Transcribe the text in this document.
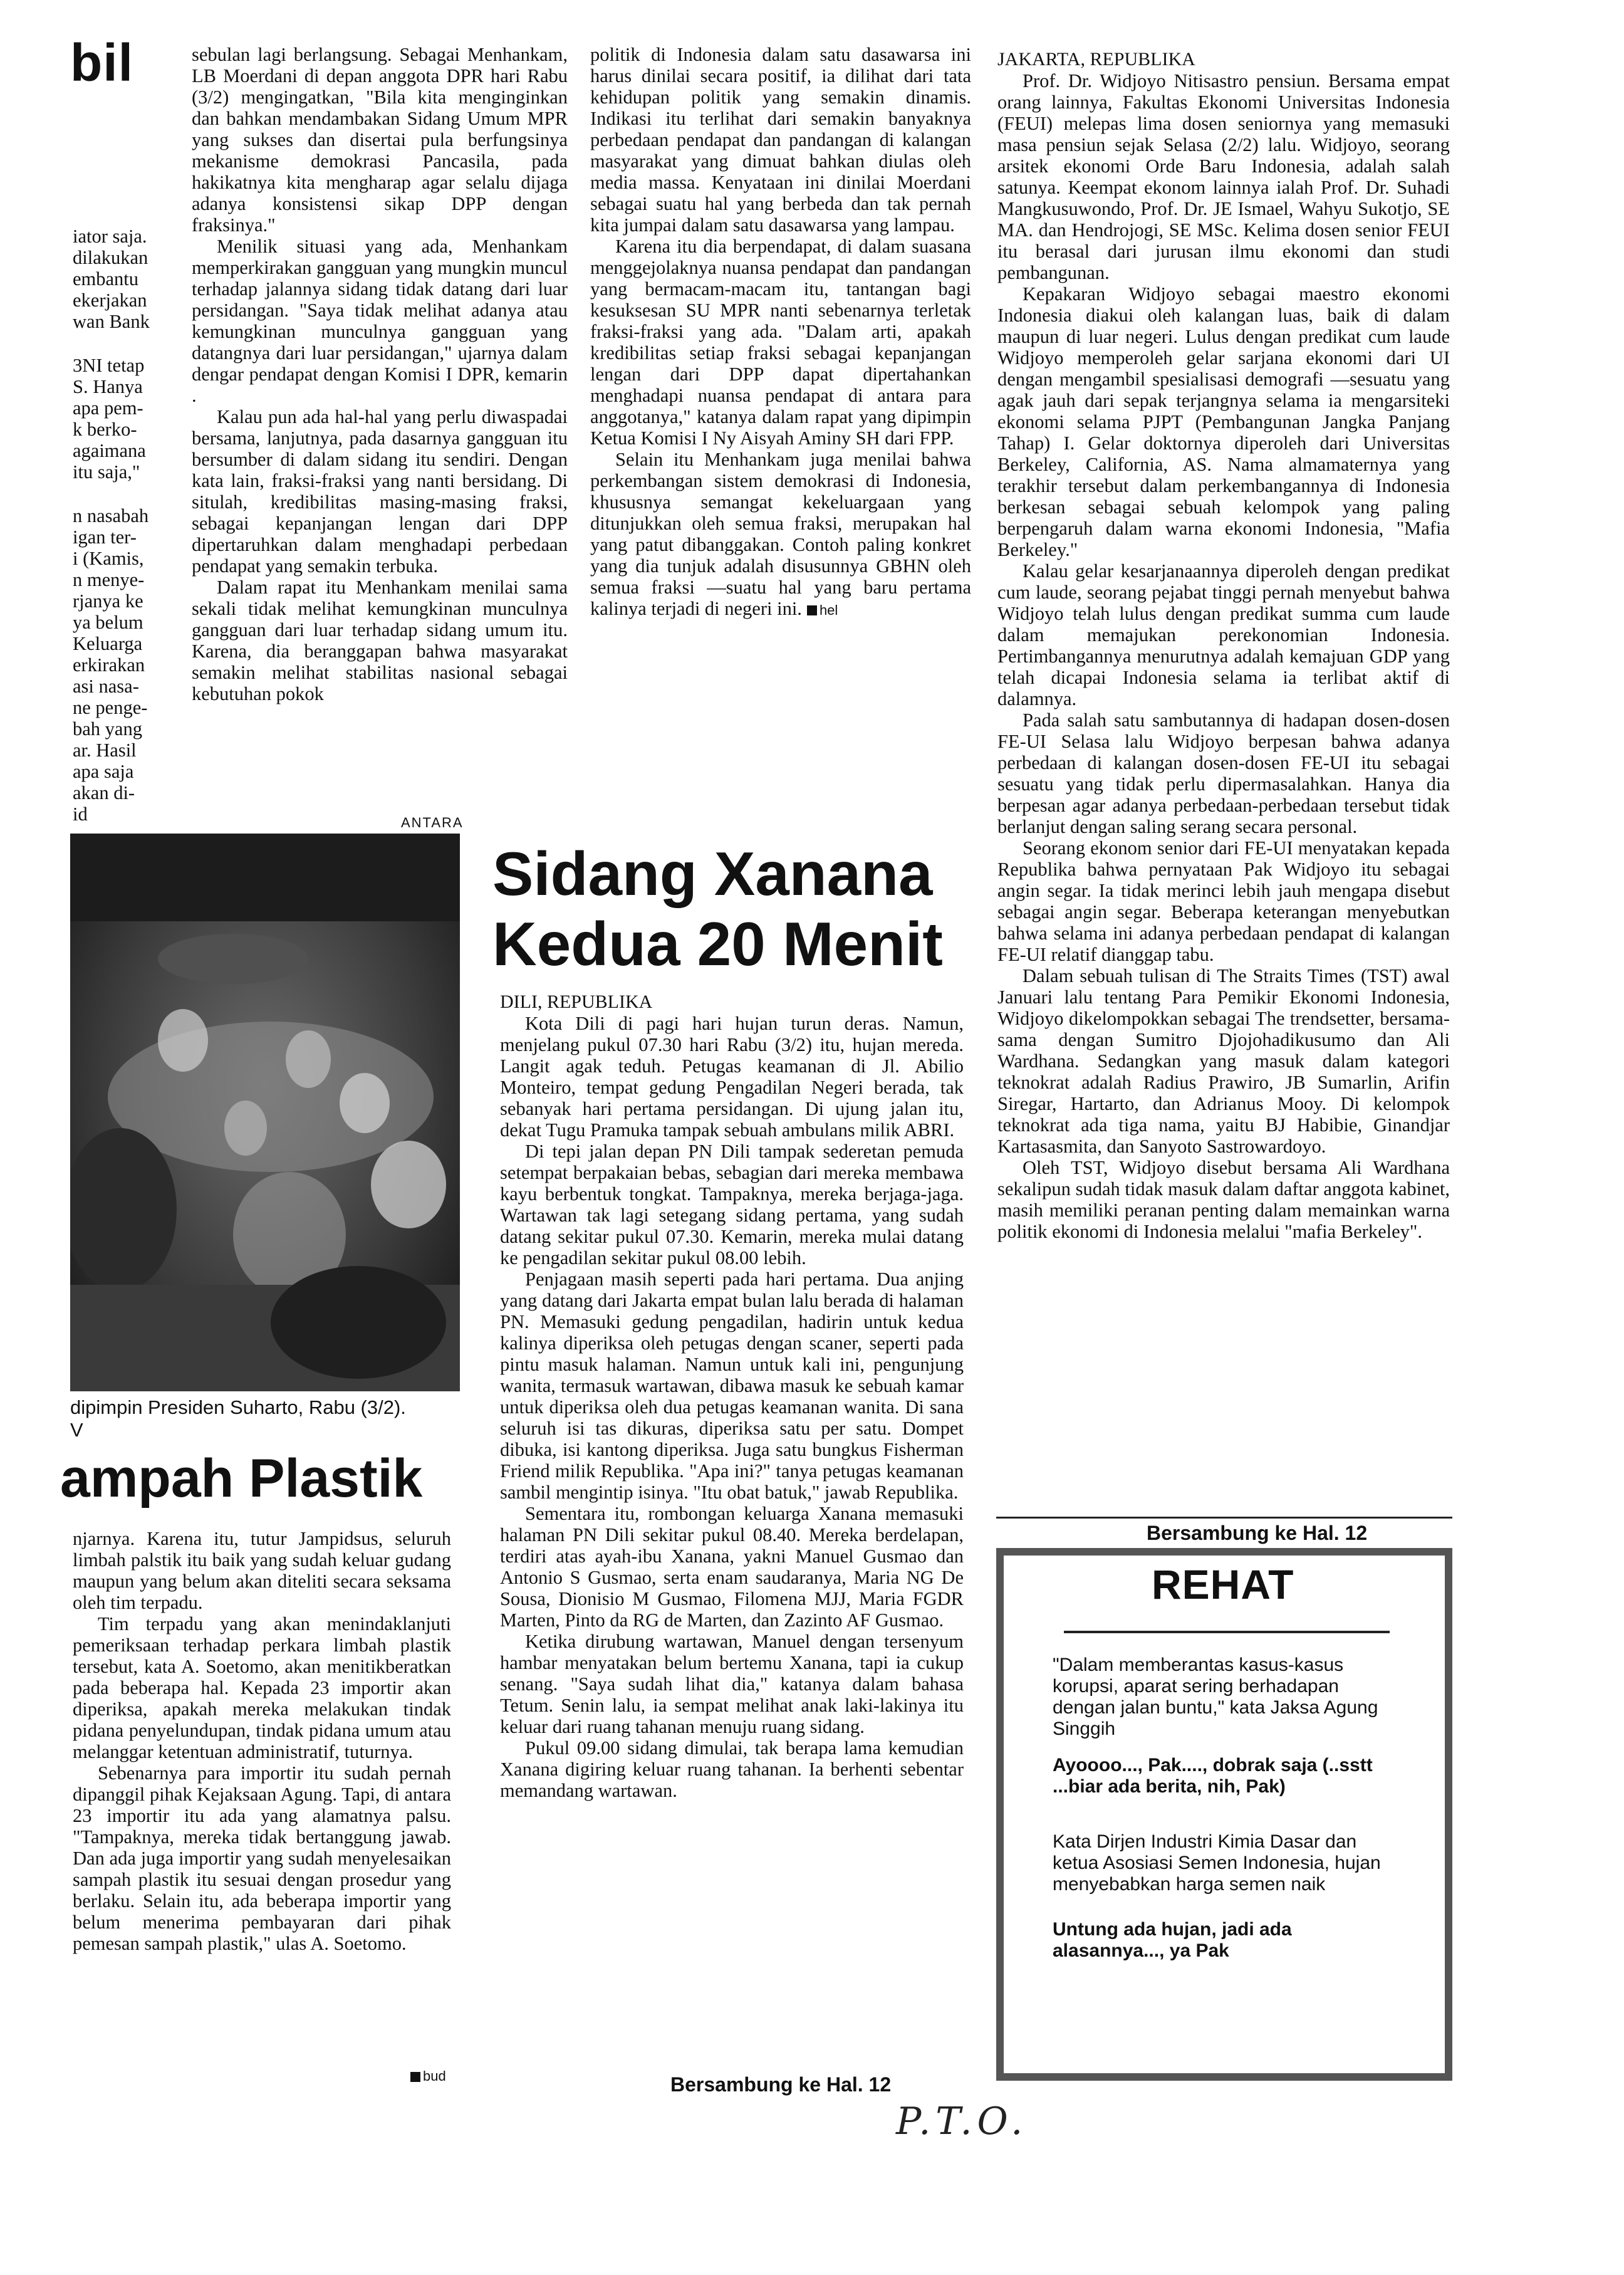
bil
iator saja.
dilakukan
embantu
ekerjakan
wan Bank
3NI tetap
S. Hanya
apa pem-
k berko-
agaimana
itu saja,"
n nasabah
igan ter-
i (Kamis,
n menye-
rjanya ke
ya belum
Keluarga
erkirakan
asi nasa-
ne penge-
bah yang
ar. Hasil
apa saja
akan di-
id

sebulan lagi berlangsung. Sebagai Menhankam, LB Moerdani di depan anggota DPR hari Rabu (3/2) mengingatkan, "Bila kita menginginkan dan bahkan mendambakan Sidang Umum MPR yang sukses dan disertai pula berfungsinya mekanisme demokrasi Pancasila, pada hakikatnya kita mengharap agar selalu dijaga adanya konsistensi sikap DPP dengan fraksinya."

Menilik situasi yang ada, Menhankam memperkirakan gangguan yang mungkin muncul terhadap jalannya sidang tidak datang dari luar persidangan. "Saya tidak melihat adanya atau kemungkinan munculnya gangguan yang datangnya dari luar persidangan," ujarnya dalam dengar pendapat dengan Komisi I DPR, kemarin .

Kalau pun ada hal-hal yang perlu diwaspadai bersama, lanjutnya, pada dasarnya gangguan itu bersumber di dalam sidang itu sendiri. Dengan kata lain, fraksi-fraksi yang nanti bersidang. Di situlah, kredibilitas masing-masing fraksi, sebagai kepanjangan lengan dari DPP dipertaruhkan dalam menghadapi perbedaan pendapat yang semakin terbuka.

Dalam rapat itu Menhankam menilai sama sekali tidak melihat kemungkinan munculnya gangguan dari luar terhadap sidang umum itu. Karena, dia beranggapan bahwa masyarakat semakin melihat stabilitas nasional sebagai kebutuhan pokok

politik di Indonesia dalam satu dasawarsa ini harus dinilai secara positif, ia dilihat dari tata kehidupan politik yang semakin dinamis. Indikasi itu terlihat dari semakin banyaknya perbedaan pendapat dan pandangan di kalangan masyarakat yang dimuat bahkan diulas oleh media massa. Kenyataan ini dinilai Moerdani sebagai suatu hal yang berbeda dan tak pernah kita jumpai dalam satu dasawarsa yang lampau.

Karena itu dia berpendapat, di dalam suasana menggejolaknya nuansa pendapat dan pandangan yang bermacam-macam itu, tantangan bagi kesuksesan SU MPR nanti sebenarnya terletak fraksi-fraksi yang ada. "Dalam arti, apakah kredibilitas setiap fraksi sebagai kepanjangan lengan dari DPP dapat dipertahankan menghadapi nuansa pendapat di antara para anggotanya," katanya dalam rapat yang dipimpin Ketua Komisi I Ny Aisyah Aminy SH dari FPP.

Selain itu Menhankam juga menilai bahwa perkembangan sistem demokrasi di Indonesia, khususnya semangat kekeluargaan yang ditunjukkan oleh semua fraksi, merupakan hal yang patut dibanggakan. Contoh paling konkret yang dia tunjuk adalah disusunnya GBHN oleh semua fraksi —suatu hal yang baru pertama kalinya terjadi di negeri ini. hel

JAKARTA, REPUBLIKA

Prof. Dr. Widjoyo Nitisastro pensiun. Bersama empat orang lainnya, Fakultas Ekonomi Universitas Indonesia (FEUI) melepas lima dosen seniornya yang memasuki masa pensiun sejak Selasa (2/2) lalu. Widjoyo, seorang arsitek ekonomi Orde Baru Indonesia, adalah salah satunya. Keempat ekonom lainnya ialah Prof. Dr. Suhadi Mangkusuwondo, Prof. Dr. JE Ismael, Wahyu Sukotjo, SE MA. dan Hendrojogi, SE MSc. Kelima dosen senior FEUI itu berasal dari jurusan ilmu ekonomi dan studi pembangunan.

Kepakaran Widjoyo sebagai maestro ekonomi Indonesia diakui oleh kalangan luas, baik di dalam maupun di luar negeri. Lulus dengan predikat cum laude Widjoyo memperoleh gelar sarjana ekonomi dari UI dengan mengambil spesialisasi demografi —sesuatu yang agak jauh dari sepak terjangnya selama ia mengarsiteki ekonomi selama PJPT (Pembangunan Jangka Panjang Tahap) I. Gelar doktornya diperoleh dari Universitas Berkeley, California, AS. Nama almamaternya yang terakhir tersebut dalam perkembangannya di Indonesia berkesan sebagai sebuah kelompok yang paling berpengaruh dalam warna ekonomi Indonesia, "Mafia Berkeley."

Kalau gelar kesarjanaannya diperoleh dengan predikat cum laude, seorang pejabat tinggi pernah menyebut bahwa Widjoyo telah lulus dengan predikat summa cum laude dalam memajukan perekonomian Indonesia. Pertimbangannya menurutnya adalah kemajuan GDP yang telah dicapai Indonesia selama ia terlibat aktif di dalamnya.

Pada salah satu sambutannya di hadapan dosen-dosen FE-UI Selasa lalu Widjoyo berpesan bahwa adanya perbedaan di kalangan dosen-dosen FE-UI itu sebagai sesuatu yang tidak perlu dipermasalahkan. Hanya dia berpesan agar adanya perbedaan-perbedaan tersebut tidak berlanjut dengan saling serang secara personal.

Seorang ekonom senior dari FE-UI menyatakan kepada Republika bahwa pernyataan Pak Widjoyo itu sebagai angin segar. Ia tidak merinci lebih jauh mengapa disebut sebagai angin segar. Beberapa keterangan menyebutkan bahwa selama ini adanya perbedaan pendapat di kalangan FE-UI relatif dianggap tabu.

Dalam sebuah tulisan di The Straits Times (TST) awal Januari lalu tentang Para Pemikir Ekonomi Indonesia, Widjoyo dikelompokkan sebagai The trendsetter, bersama-sama dengan Sumitro Djojohadikusumo dan Ali Wardhana. Sedangkan yang masuk dalam kategori teknokrat adalah Radius Prawiro, JB Sumarlin, Arifin Siregar, Hartarto, dan Adrianus Mooy. Di kelompok teknokrat ada tiga nama, yaitu BJ Habibie, Ginandjar Kartasasmita, dan Sanyoto Sastrowardoyo.

Oleh TST, Widjoyo disebut bersama Ali Wardhana sekalipun sudah tidak masuk dalam daftar anggota kabinet, masih memiliki peranan penting dalam memainkan warna politik ekonomi di Indonesia melalui "mafia Berkeley".

Bersambung ke Hal. 12
ANTARA
dipimpin Presiden Suharto, Rabu (3/2).
V
ampah Plastik

njarnya. Karena itu, tutur Jampidsus, seluruh limbah palstik itu baik yang sudah keluar gudang maupun yang belum akan diteliti secara seksama oleh tim terpadu.

Tim terpadu yang akan menindaklanjuti pemeriksaan terhadap perkara limbah plastik tersebut, kata A. Soetomo, akan menitikberatkan pada beberapa hal. Kepada 23 importir akan diperiksa, apakah mereka melakukan tindak pidana penyelundupan, tindak pidana umum atau melanggar ketentuan administratif, tuturnya.

Sebenarnya para importir itu sudah pernah dipanggil pihak Kejaksaan Agung. Tapi, di antara 23 importir itu ada yang alamatnya palsu. "Tampaknya, mereka tidak bertanggung jawab. Dan ada juga importir yang sudah menyelesaikan sampah plastik itu sesuai dengan prosedur yang berlaku. Selain itu, ada beberapa importir yang belum menerima pembayaran dari pihak pemesan sampah plastik," ulas A. Soetomo.

bud
Sidang Xanana
Kedua 20 Menit

DILI, REPUBLIKA

Kota Dili di pagi hari hujan turun deras. Namun, menjelang pukul 07.30 hari Rabu (3/2) itu, hujan mereda. Langit agak teduh. Petugas keamanan di Jl. Abilio Monteiro, tempat gedung Pengadilan Negeri berada, tak sebanyak hari pertama persidangan. Di ujung jalan itu, dekat Tugu Pramuka tampak sebuah ambulans milik ABRI.

Di tepi jalan depan PN Dili tampak sederetan pemuda setempat berpakaian bebas, sebagian dari mereka membawa kayu berbentuk tongkat. Tampaknya, mereka berjaga-jaga. Wartawan tak lagi setegang sidang pertama, yang sudah datang sekitar pukul 07.30. Kemarin, mereka mulai datang ke pengadilan sekitar pukul 08.00 lebih.

Penjagaan masih seperti pada hari pertama. Dua anjing yang datang dari Jakarta empat bulan lalu berada di halaman PN. Memasuki gedung pengadilan, hadirin untuk kedua kalinya diperiksa oleh petugas dengan scaner, seperti pada pintu masuk halaman. Namun untuk kali ini, pengunjung wanita, termasuk wartawan, dibawa masuk ke sebuah kamar untuk diperiksa oleh dua petugas keamanan wanita. Di sana seluruh isi tas dikuras, diperiksa satu per satu. Dompet dibuka, isi kantong diperiksa. Juga satu bungkus Fisherman Friend milik Republika. "Apa ini?" tanya petugas keamanan sambil mengintip isinya. "Itu obat batuk," jawab Republika.

Sementara itu, rombongan keluarga Xanana memasuki halaman PN Dili sekitar pukul 08.40. Mereka berdelapan, terdiri atas ayah-ibu Xanana, yakni Manuel Gusmao dan Antonio S Gusmao, serta enam saudaranya, Maria NG De Sousa, Dionisio M Gusmao, Filomena MJJ, Maria FGDR Marten, Pinto da RG de Marten, dan Zazinto AF Gusmao.

Ketika dirubung wartawan, Manuel dengan tersenyum hambar menyatakan belum bertemu Xanana, tapi ia cukup senang. "Saya sudah lihat dia," katanya dalam bahasa Tetum. Senin lalu, ia sempat melihat anak laki-lakinya itu keluar dari ruang tahanan menuju ruang sidang.

Pukul 09.00 sidang dimulai, tak berapa lama kemudian Xanana digiring keluar ruang tahanan. Ia berhenti sebentar memandang wartawan.

Bersambung ke Hal. 12
REHAT
"Dalam memberantas kasus-kasus korupsi, aparat sering berhadapan dengan jalan buntu," kata Jaksa Agung Singgih
Ayoooo..., Pak...., dobrak saja (..sstt ...biar ada berita, nih, Pak)
Kata Dirjen Industri Kimia Dasar dan ketua Asosiasi Semen Indonesia, hujan menyebabkan harga semen naik
Untung ada hujan, jadi ada alasannya..., ya Pak
P.T.O.
